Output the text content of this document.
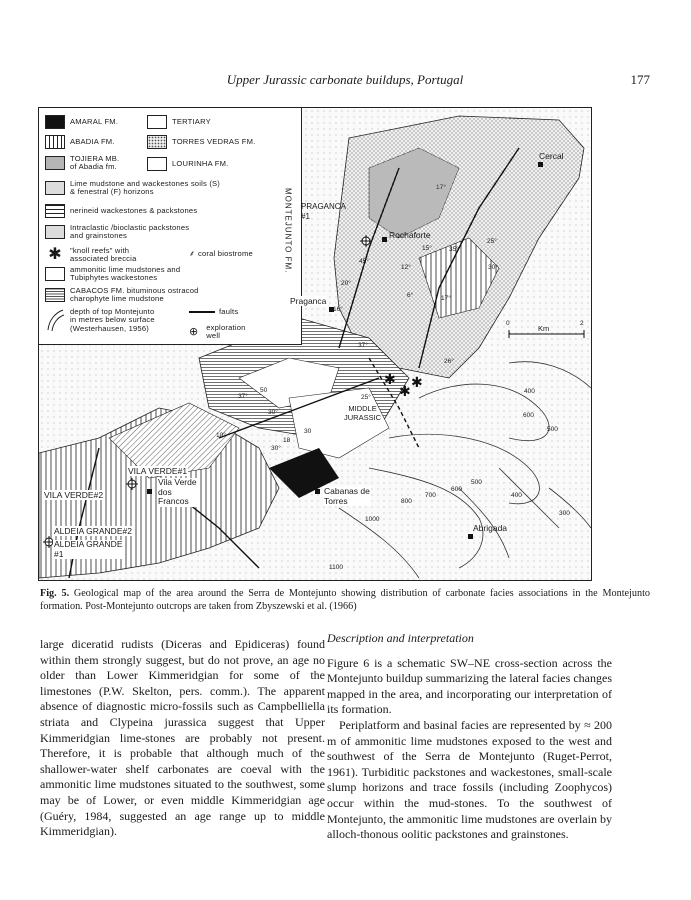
Upper Jurassic carbonate buildups, Portugal	177
✱
✱
✱
AMARAL FM.	TERTIARY
ABADIA FM.	TORRES VEDRAS FM.
TOJIERA MB.
of Abadia fm.	LOURINHA FM.
Lime mudstone and wackestones soils (S)
& fenestral (F) horizons
nerineid wackestones & packstones
Intraclastic /bioclastic packstones
and grainstones
✱	"knoll reefs" with
associated breccia
⸙ coral biostrome
ammonitic lime mudstones and
Tubiphytes wackestones
CABACOS FM. bituminous ostracod
charophyte lime mudstone
depth of top Montejunto
in metres below surface
(Westerhausen, 1956)
faults
⊕ exploration
well
MONTEJUNTO FM.
Cercal
Rochaforte
PRAGANCA
#1
Praganca
MIDDLE
JURASSIC
VILA VERDE#1
VILA VERDE#2
Vila Verde
dos
Francos
ALDEIA GRANDE#2
ALDEIA GRANDE
#1
Cabanas de
Torres
Abrigada
17°
15°
12°
35°
25°
30°
45°
6°
20°
16°
17°
37°
26°
25°
50
37°
30°
10°
18
30°
30
400
600
500
800
700
600
500
400
1000
300
1100
0
Km
2
Fig. 5. Geological map of the area around the Serra de Montejunto showing distribution of carbonate facies associations in the Montejunto formation. Post-Montejunto outcrops are taken from Zbyszewski et al. (1966)

large diceratid rudists (Diceras and Epidiceras) found within them strongly suggest, but do not prove, an age no older than Lower Kimmeridgian for some of the limestones (P.W. Skelton, pers. comm.). The apparent absence of diagnostic micro-fossils such as Campbelliella striata and Clypeina jurassica suggest that Upper Kimmeridgian lime-stones are probably not present. Therefore, it is probable that although much of the shallower-water shelf carbonates are coeval with the ammonitic lime mudstones situated to the southwest, some may be of Lower, or even middle Kimmeridgian age (Guéry, 1984, suggested an age range up to middle Kimmeridgian).

Description and interpretation

Figure 6 is a schematic SW–NE cross-section across the Montejunto buildup summarizing the lateral facies changes mapped in the area, and incorporating our interpretation of its formation.

Periplatform and basinal facies are represented by ≈ 200 m of ammonitic lime mudstones exposed to the west and southwest of the Serra de Montejunto (Ruget-Perrot, 1961). Turbiditic packstones and wackestones, small-scale slump horizons and trace fossils (including Zoophycos) occur within the mud-stones. To the southwest of Montejunto, the ammonitic lime mudstones are overlain by alloch-thonous oolitic packstones and grainstones.
